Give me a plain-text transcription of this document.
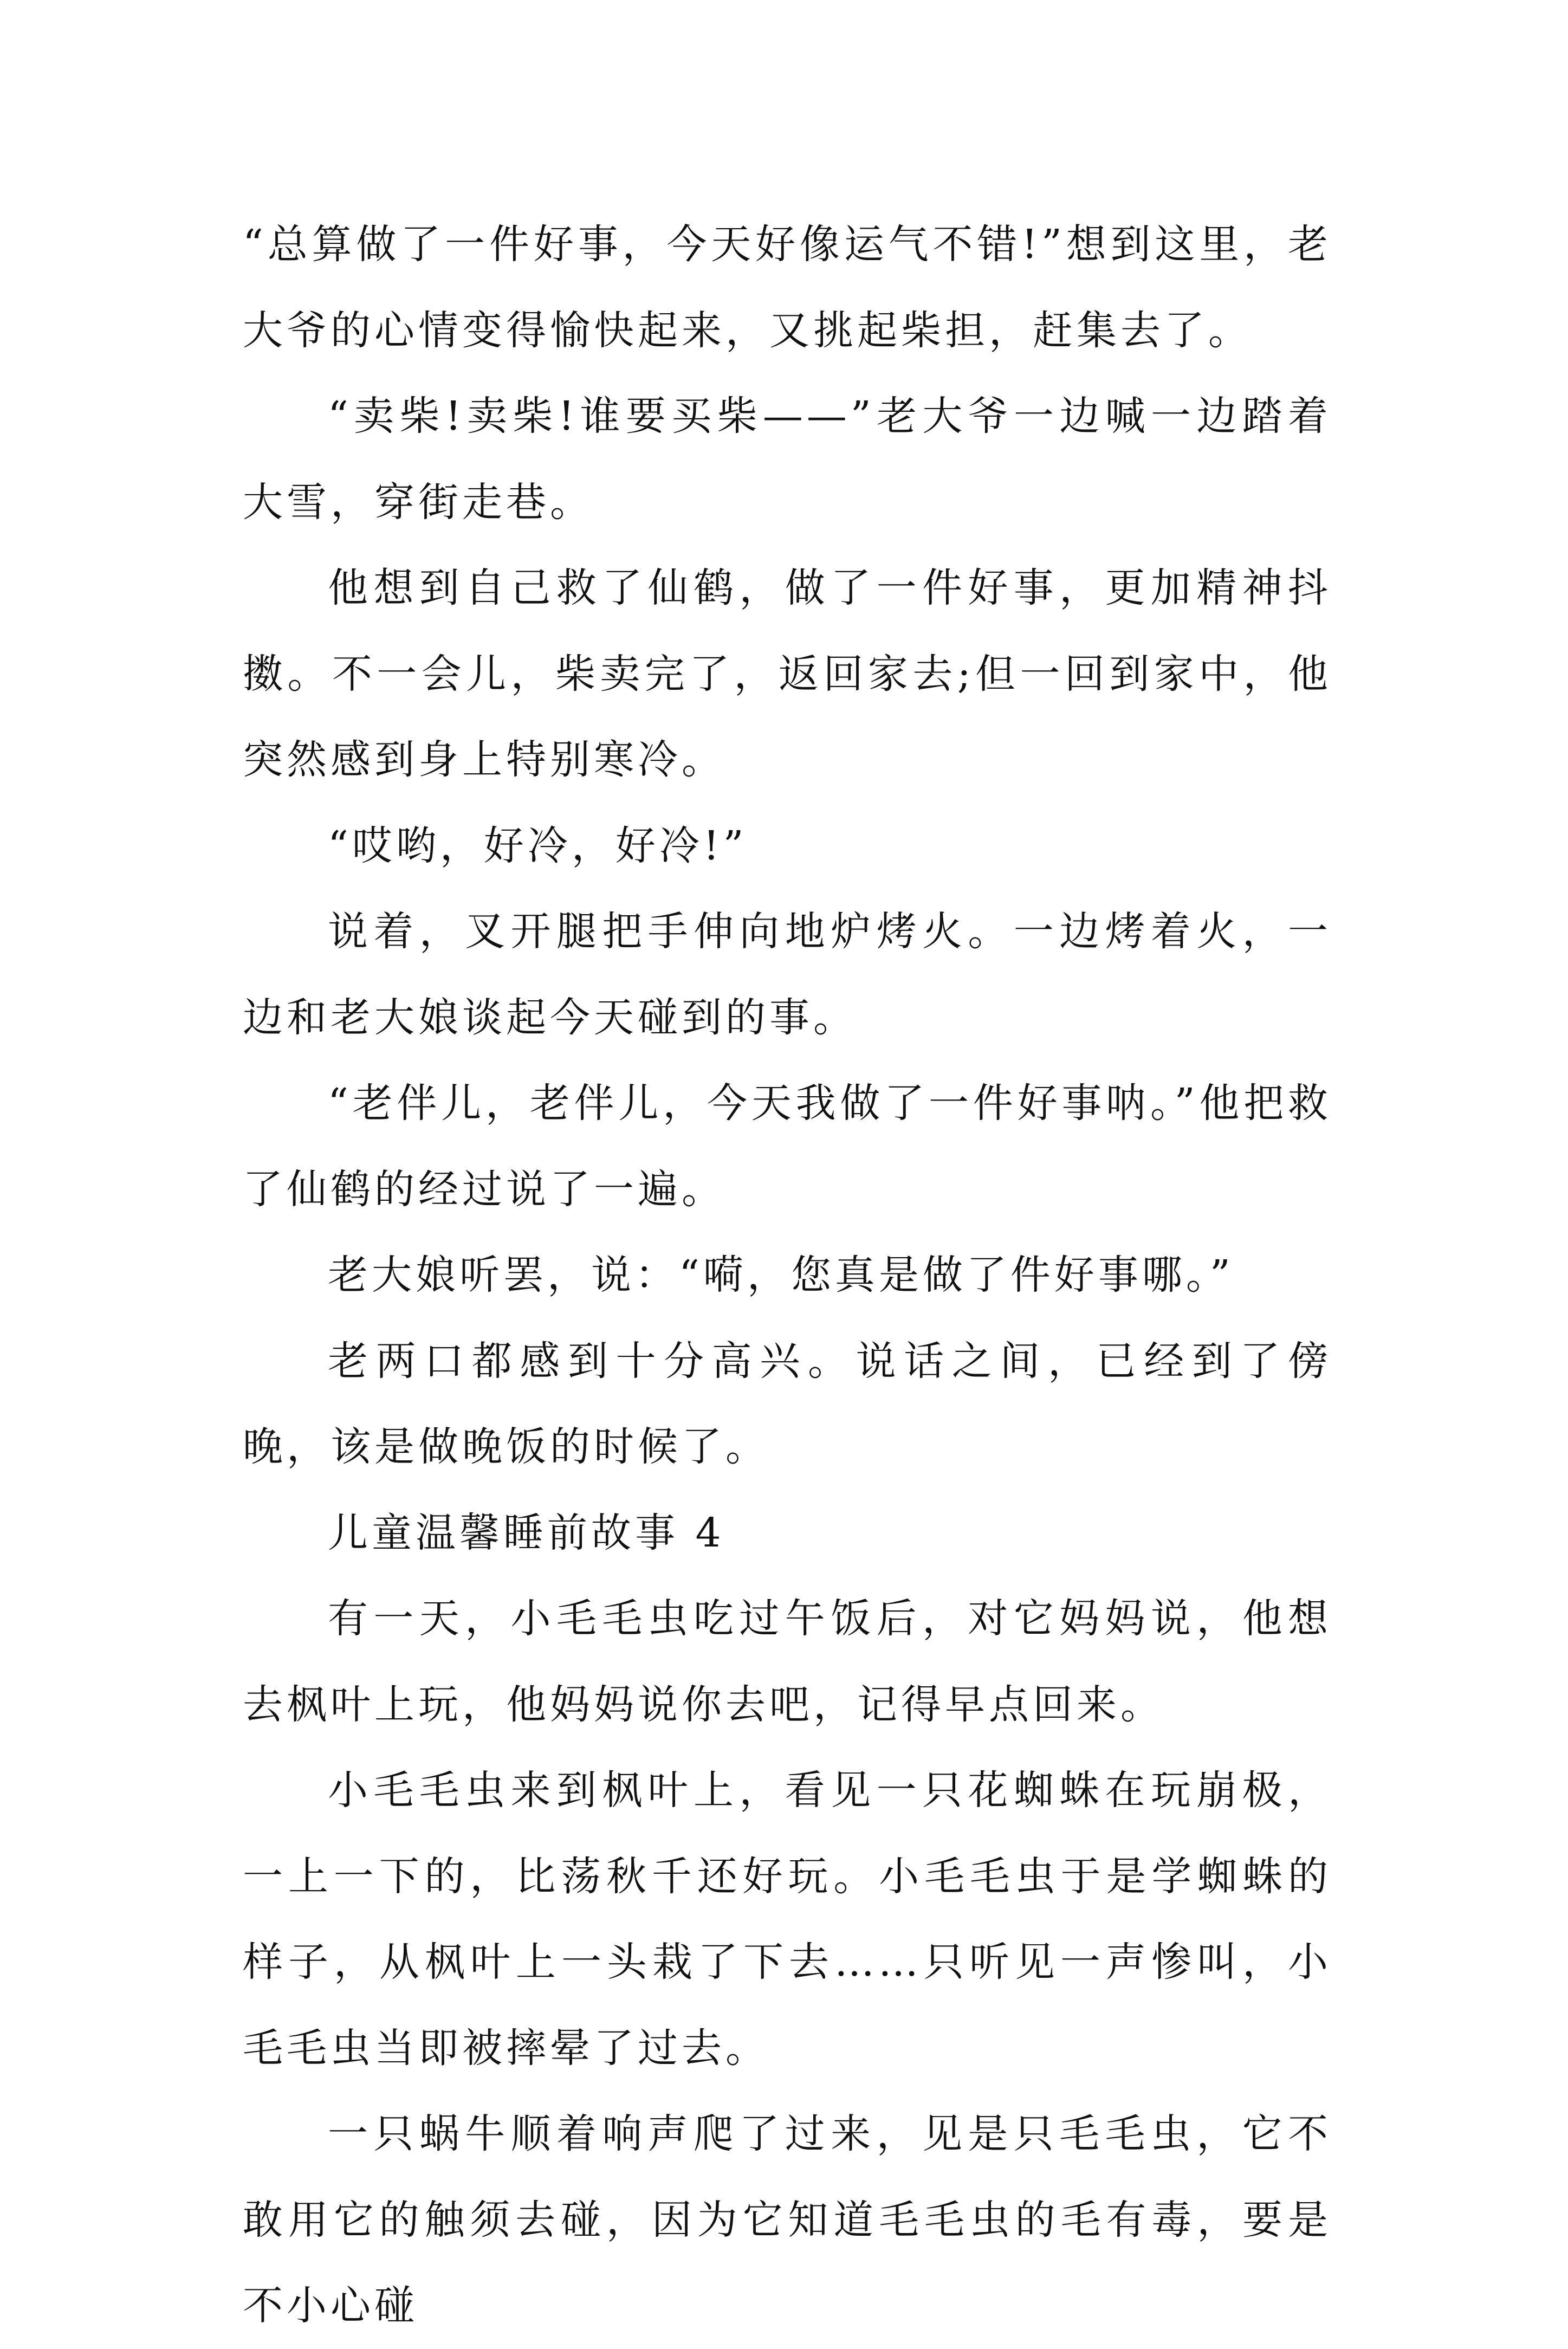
“总算做了一件好事，今天好像运气不错!”想到这里，老大爷的心情变得愉快起来，又挑起柴担，赶集去了。

“卖柴!卖柴!谁要买柴——”老大爷一边喊一边踏着大雪，穿街走巷。

他想到自己救了仙鹤，做了一件好事，更加精神抖擞。不一会儿，柴卖完了，返回家去;但一回到家中，他突然感到身上特别寒冷。

“哎哟，好冷，好冷!”

说着，叉开腿把手伸向地炉烤火。一边烤着火，一边和老大娘谈起今天碰到的事。

“老伴儿，老伴儿，今天我做了一件好事呐。”他把救了仙鹤的经过说了一遍。

老大娘听罢，说：“嗬，您真是做了件好事哪。”

老两口都感到十分高兴。说话之间，已经到了傍晚，该是做晚饭的时候了。

儿童温馨睡前故事 4

有一天，小毛毛虫吃过午饭后，对它妈妈说，他想去枫叶上玩，他妈妈说你去吧，记得早点回来。

小毛毛虫来到枫叶上，看见一只花蜘蛛在玩崩极，一上一下的，比荡秋千还好玩。小毛毛虫于是学蜘蛛的样子，从枫叶上一头栽了下去……只听见一声惨叫，小毛毛虫当即被摔晕了过去。

一只蜗牛顺着响声爬了过来，见是只毛毛虫，它不敢用它的触须去碰，因为它知道毛毛虫的毛有毒，要是不小心碰
